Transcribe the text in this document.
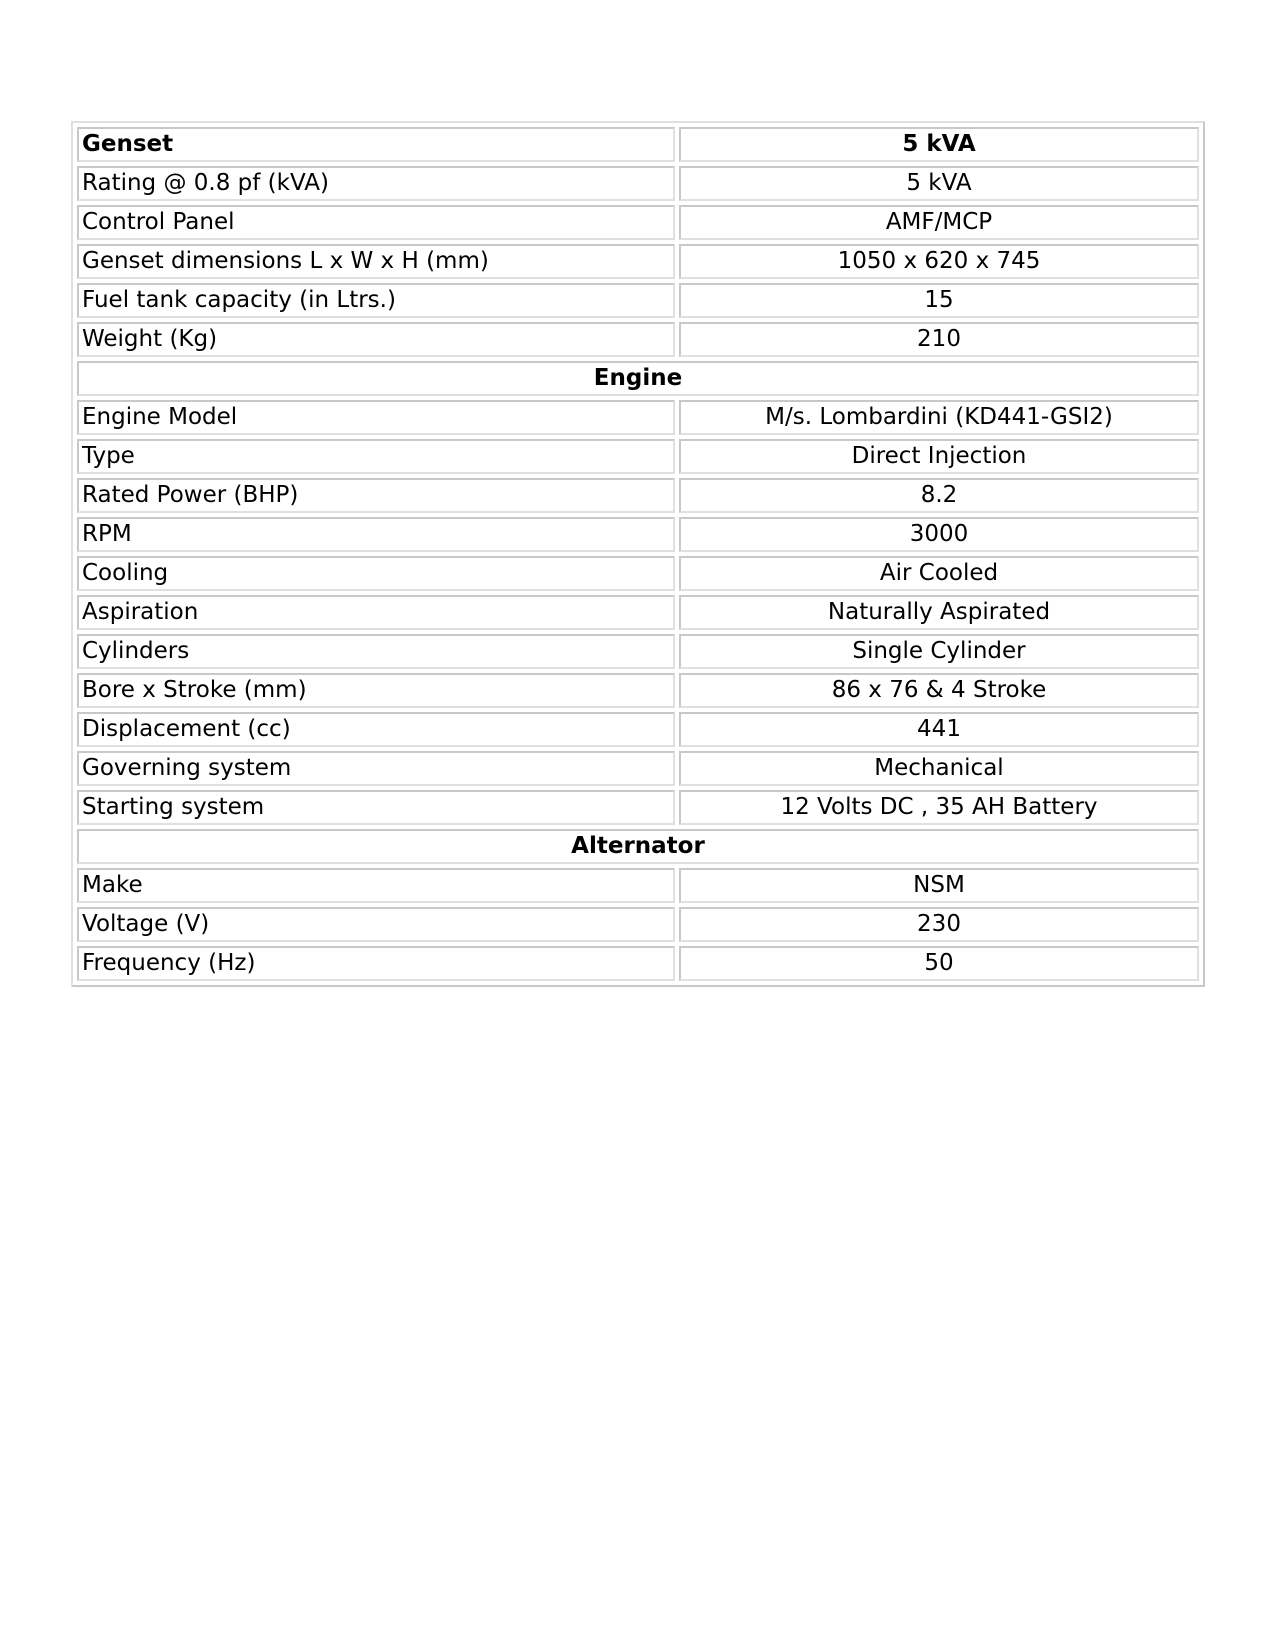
Genset	5 kVA
Rating @ 0.8 pf (kVA)	5 kVA
Control Panel	AMF/MCP
Genset dimensions L x W x H (mm)	1050 x 620 x 745
Fuel tank capacity (in Ltrs.)	15
Weight (Kg)	210
Engine	
Engine Model	M/s. Lombardini (KD441-GSI2)
Type	Direct Injection
Rated Power (BHP)	8.2
RPM	3000
Cooling	Air Cooled
Aspiration	Naturally Aspirated
Cylinders	Single Cylinder
Bore x Stroke (mm)	86 x 76 & 4 Stroke
Displacement (cc)	441
Governing system	Mechanical
Starting system	12 Volts DC , 35 AH Battery
Alternator	
Make	NSM
Voltage (V)	230
Frequency (Hz)	50
